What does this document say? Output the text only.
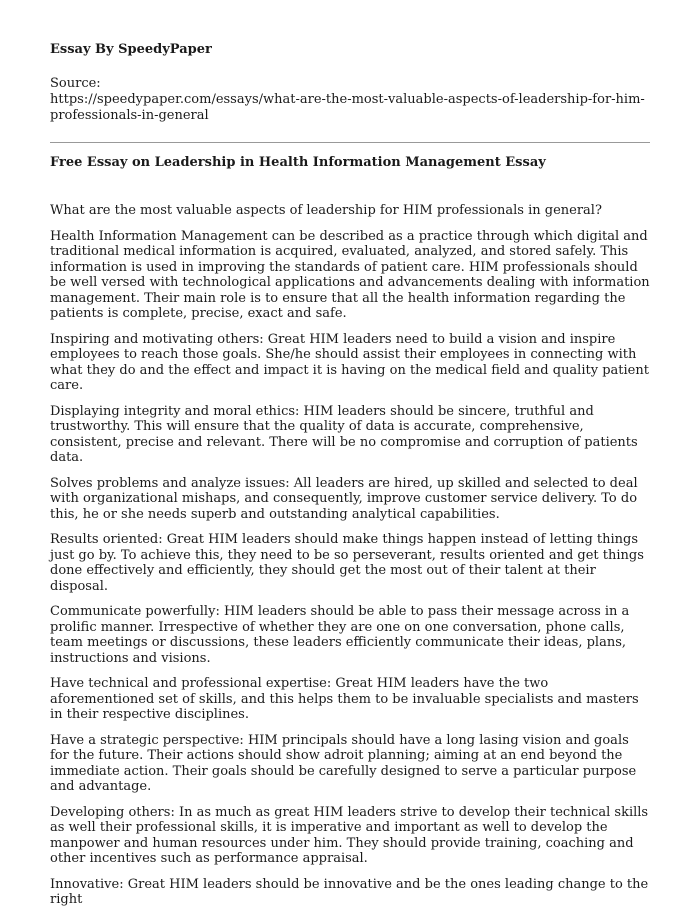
Essay By SpeedyPaper

Source:

https://speedypaper.com/essays/what-are-the-most-valuable-aspects-of-leadership-for-him-professionals-in-general

Free Essay on Leadership in Health Information Management Essay

What are the most valuable aspects of leadership for HIM professionals in general?

Health Information Management can be described as a practice through which digital and traditional medical information is acquired, evaluated, analyzed, and stored safely. This information is used in improving the standards of patient care. HIM professionals should be well versed with technological applications and advancements dealing with information management. Their main role is to ensure that all the health information regarding the patients is complete, precise, exact and safe.

Inspiring and motivating others: Great HIM leaders need to build a vision and inspire employees to reach those goals. She/he should assist their employees in connecting with what they do and the effect and impact it is having on the medical field and quality patient care.

Displaying integrity and moral ethics: HIM leaders should be sincere, truthful and trustworthy. This will ensure that the quality of data is accurate, comprehensive, consistent, precise and relevant. There will be no compromise and corruption of patients data.

Solves problems and analyze issues: All leaders are hired, up skilled and selected to deal with organizational mishaps, and consequently, improve customer service delivery. To do this, he or she needs superb and outstanding analytical capabilities.

Results oriented: Great HIM leaders should make things happen instead of letting things just go by. To achieve this, they need to be so perseverant, results oriented and get things done effectively and efficiently, they should get the most out of their talent at their disposal.

Communicate powerfully: HIM leaders should be able to pass their message across in a prolific manner. Irrespective of whether they are one on one conversation, phone calls, team meetings or discussions, these leaders efficiently communicate their ideas, plans, instructions and visions.

Have technical and professional expertise: Great HIM leaders have the two aforementioned set of skills, and this helps them to be invaluable specialists and masters in their respective disciplines.

Have a strategic perspective: HIM principals should have a long lasing vision and goals for the future. Their actions should show adroit planning; aiming at an end beyond the immediate action. Their goals should be carefully designed to serve a particular purpose and advantage.

Developing others: In as much as great HIM leaders strive to develop their technical skills as well their professional skills, it is imperative and important as well to develop the manpower and human resources under him. They should provide training, coaching and other incentives such as performance appraisal.

Innovative: Great HIM leaders should be innovative and be the ones leading change to the right
